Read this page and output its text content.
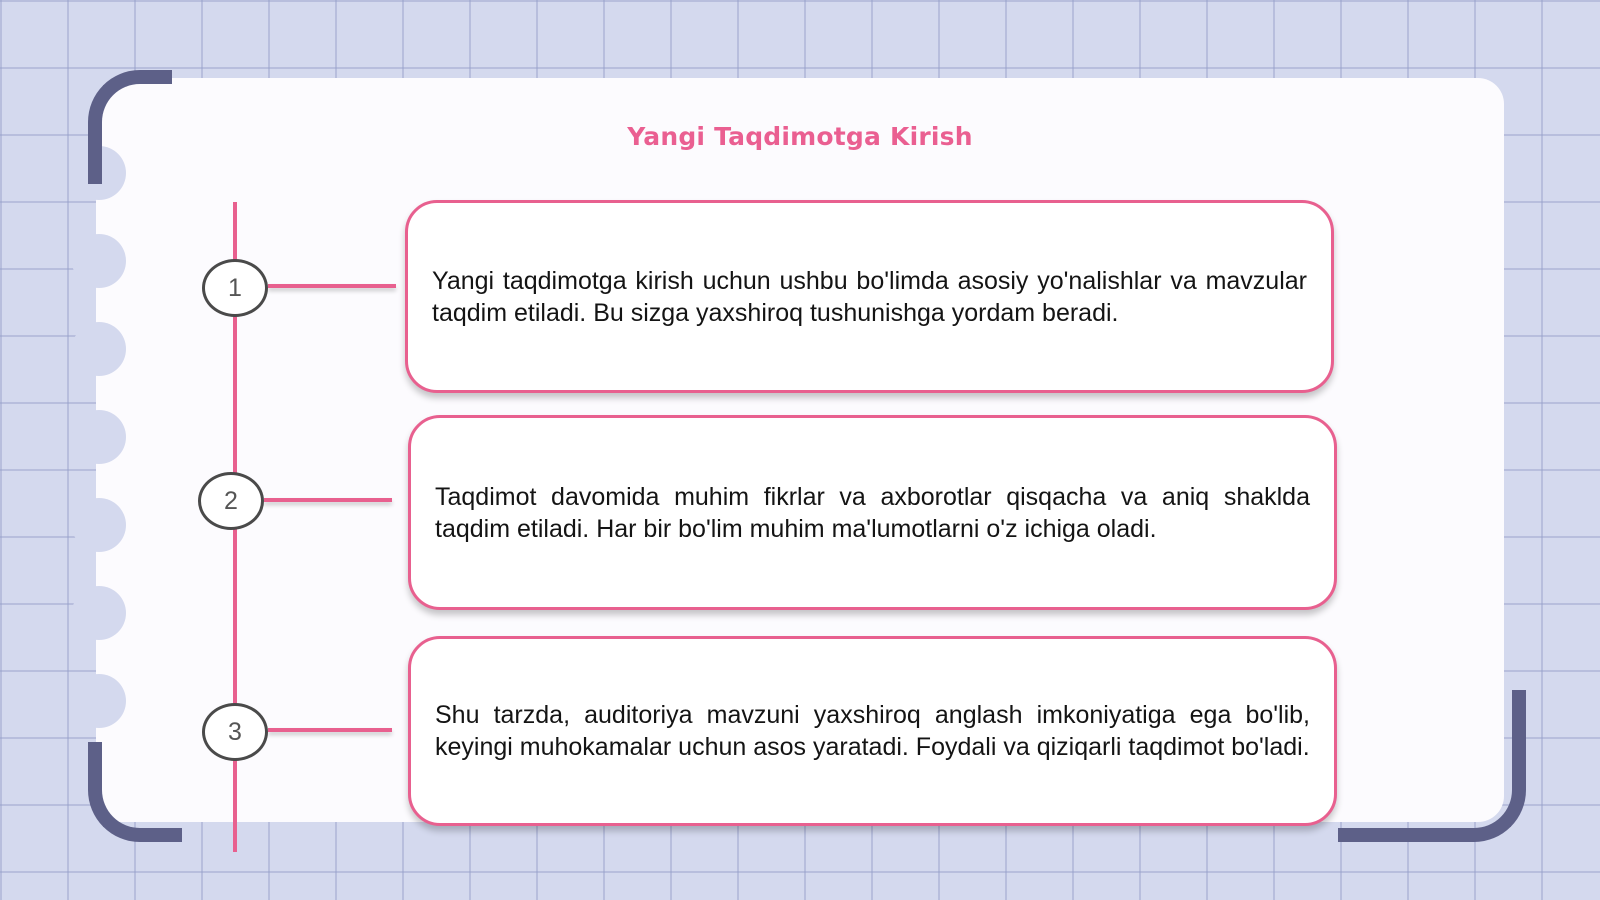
Yangi Taqdimotga Kirish
1
2
3

Yangi taqdimotga kirish uchun ushbu bo'limda asosiy yo'nalishlar va mavzular taqdim etiladi. Bu sizga yaxshiroq tushunishga yordam beradi.

Taqdimot davomida muhim fikrlar va axborotlar qisqacha va aniq shaklda taqdim etiladi. Har bir bo'lim muhim ma'lumotlarni o'z ichiga oladi.

Shu tarzda, auditoriya mavzuni yaxshiroq anglash imkoniyatiga ega bo'lib, keyingi muhokamalar uchun asos yaratadi. Foydali va qiziqarli taqdimot bo'ladi.
